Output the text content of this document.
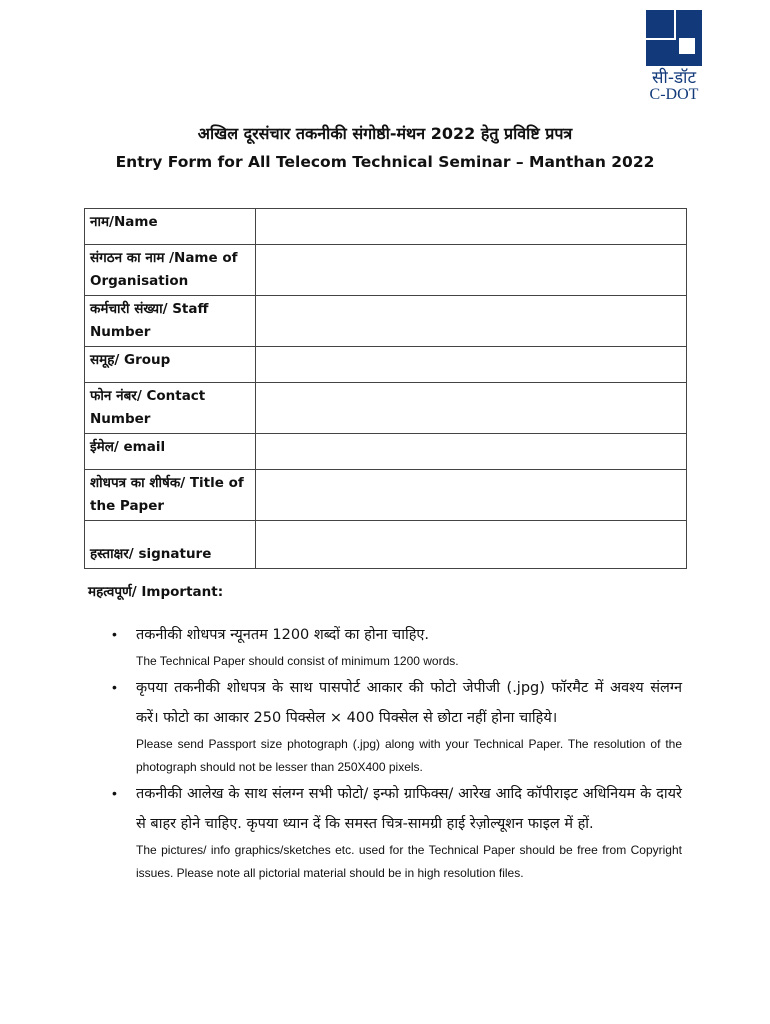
सी-डॉट
C-DOT
अखिल दूरसंचार तकनीकी संगोष्ठी-मंथन 2022 हेतु प्रविष्टि प्रपत्र
Entry Form for All Telecom Technical Seminar – Manthan 2022
नाम/Name	
संगठन का नाम /Name of Organisation	
कर्मचारी संख्या/ Staff Number	
समूह/ Group	
फोन नंबर/ Contact Number	
ईमेल/ email	
शोधपत्र का शीर्षक/ Title of the Paper	
हस्ताक्षर/ signature	
महत्वपूर्ण/ Important:
• तकनीकी शोधपत्र न्यूनतम 1200 शब्दों का होना चाहिए.
The Technical Paper should consist of minimum 1200 words.
• कृपया तकनीकी शोधपत्र के साथ पासपोर्ट आकार की फोटो जेपीजी (.jpg) फॉरमैट में अवश्य संलग्न करें। फोटो का आकार 250 पिक्सेल × 400 पिक्सेल से छोटा नहीं होना चाहिये।
Please send Passport size photograph (.jpg) along with your Technical Paper. The resolution of the photograph should not be lesser than 250X400 pixels.
• तकनीकी आलेख के साथ संलग्न सभी फोटो/ इन्फो ग्राफिक्स/ आरेख आदि कॉपीराइट अधिनियम के दायरे से बाहर होने चाहिए. कृपया ध्यान दें कि समस्त चित्र-सामग्री हाई रेज़ोल्यूशन फाइल में हों.
The pictures/ info graphics/sketches etc. used for the Technical Paper should be free from Copyright issues. Please note all pictorial material should be in high resolution files.
